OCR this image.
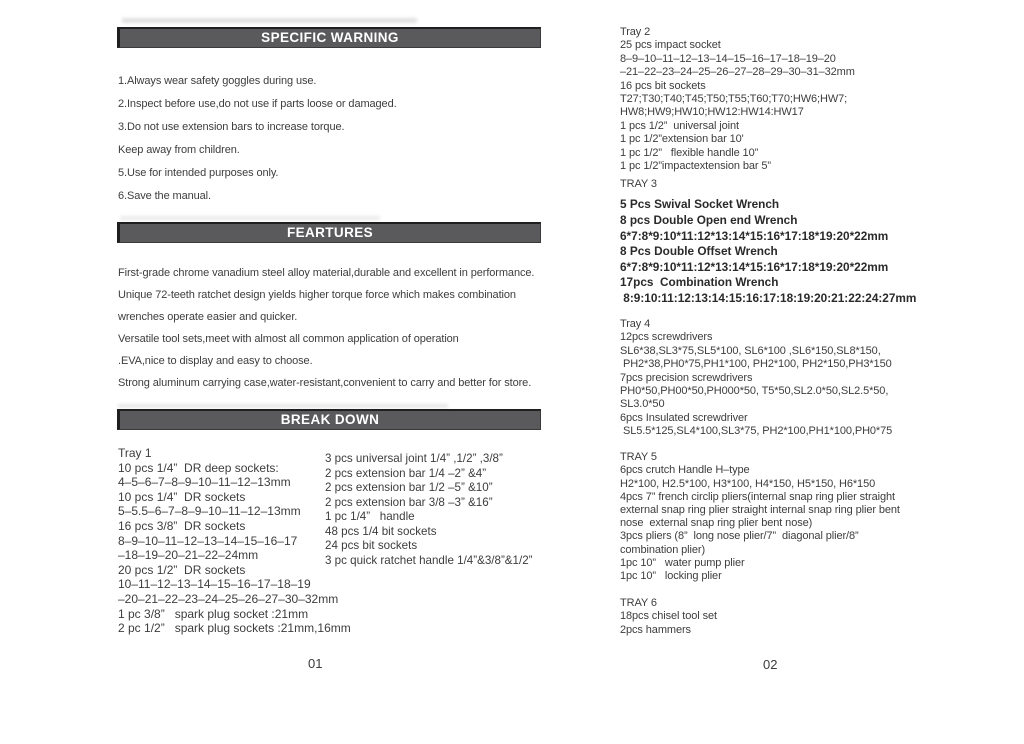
SPECIFIC WARNING
1.Always wear safety goggles during use.
2.Inspect before use,do not use if parts loose or damaged.
3.Do not use extension bars to increase torque.
Keep away from children.
5.Use for intended purposes only.
6.Save the manual.
FEARTURES
First-grade chrome vanadium steel alloy material,durable and excellent in performance.
Unique 72-teeth ratchet design yields higher torque force which makes combination
wrenches operate easier and quicker.
Versatile tool sets,meet with almost all common application of operation
.EVA,nice to display and easy to choose.
Strong aluminum carrying case,water-resistant,convenient to carry and better for store.
BREAK DOWN
Tray 1
10 pcs 1/4”  DR deep sockets:
4–5–6–7–8–9–10–11–12–13mm
10 pcs 1/4”  DR sockets
5–5.5–6–7–8–9–10–11–12–13mm
16 pcs 3/8”  DR sockets
8–9–10–11–12–13–14–15–16–17
–18–19–20–21–22–24mm
20 pcs 1/2”  DR sockets
10–11–12–13–14–15–16–17–18–19
–20–21–22–23–24–25–26–27–30–32mm
1 pc 3/8”   spark plug socket :21mm
2 pc 1/2”   spark plug sockets :21mm,16mm
3 pcs universal joint 1/4” ,1/2” ,3/8”
2 pcs extension bar 1/4 –2” &4”
2 pcs extension bar 1/2 –5” &10”
2 pcs extension bar 3/8 –3” &16”
1 pc 1/4”   handle
48 pcs 1/4 bit sockets
24 pcs bit sockets
3 pc quick ratchet handle 1/4”&3/8”&1/2”
01
Tray 2
25 pcs impact socket
8–9–10–11–12–13–14–15–16–17–18–19–20
–21–22–23–24–25–26–27–28–29–30–31–32mm
16 pcs bit sockets
T27;T30;T40;T45;T50;T55;T60;T70;HW6;HW7;
HW8;HW9;HW10;HW12:HW14:HW17
1 pcs 1/2”  universal joint
1 pc 1/2”extension bar 10'
1 pc 1/2”   flexible handle 10”
1 pc 1/2”impactextension bar 5”
TRAY 3
5 Pcs Swival Socket Wrench
8 pcs Double Open end Wrench
6*7:8*9:10*11:12*13:14*15:16*17:18*19:20*22mm
8 Pcs Double Offset Wrench
6*7:8*9:10*11:12*13:14*15:16*17:18*19:20*22mm
17pcs  Combination Wrench
8:9:10:11:12:13:14:15:16:17:18:19:20:21:22:24:27mm
Tray 4
12pcs screwdrivers
SL6*38,SL3*75,SL5*100, SL6*100 ,SL6*150,SL8*150,
PH2*38,PH0*75,PH1*100, PH2*100, PH2*150,PH3*150
7pcs precision screwdrivers
PH0*50,PH00*50,PH000*50, T5*50,SL2.0*50,SL2.5*50,
SL3.0*50
6pcs Insulated screwdriver
SL5.5*125,SL4*100,SL3*75, PH2*100,PH1*100,PH0*75
TRAY 5
6pcs crutch Handle H–type
H2*100, H2.5*100, H3*100, H4*150, H5*150, H6*150
4pcs 7” french circlip pliers(internal snap ring plier straight
external snap ring plier straight internal snap ring plier bent
nose  external snap ring plier bent nose)
3pcs pliers (8”  long nose plier/7”  diagonal plier/8”
combination plier)
1pc 10”   water pump plier
1pc 10”   locking plier
TRAY 6
18pcs chisel tool set
2pcs hammers
02
